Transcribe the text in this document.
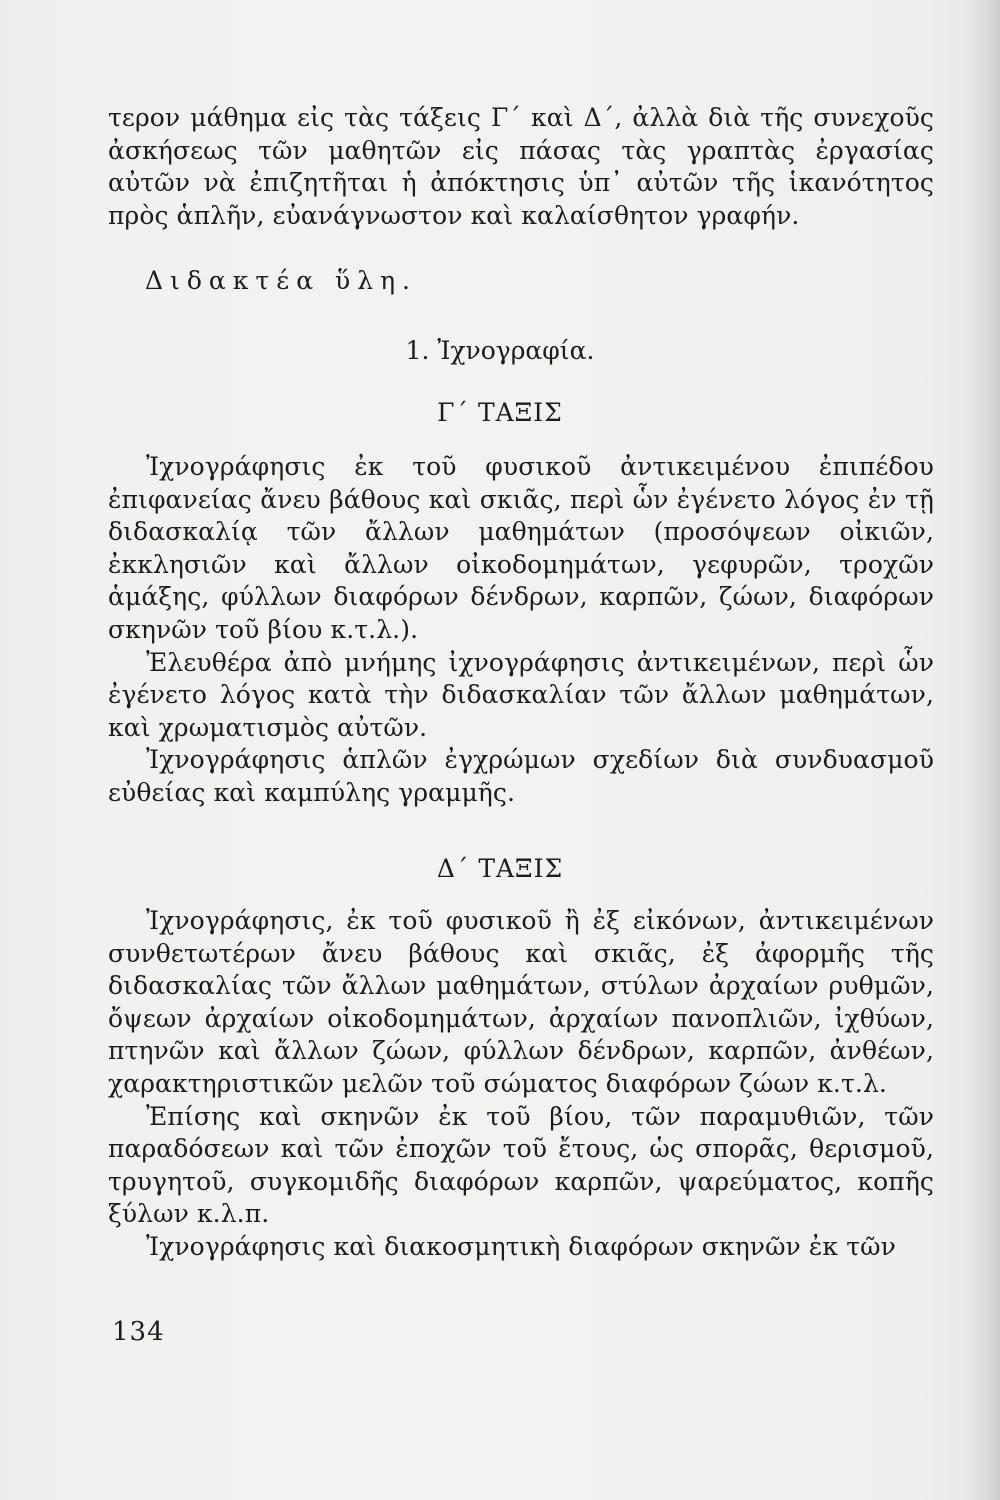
τερον μάθημα εἰς τὰς τάξεις Γ΄ καὶ Δ΄, ἀλλὰ διὰ τῆς συνεχοῦς ἀσκήσεως τῶν μαθητῶν εἰς πάσας τὰς γραπτὰς ἐργασίας αὐτῶν νὰ ἐπιζητῆται ἡ ἀπόκτησις ὑπ᾽ αὐτῶν τῆς ἱκανότητος πρὸς ἁπλῆν, εὐανάγνωστον καὶ καλαίσθητον γραφήν.

Διδακτέα ὕλη.
1. Ἰχνογραφία.
Γ΄ ΤΑΞΙΣ

Ἰχνογράφησις ἐκ τοῦ φυσικοῦ ἀντικειμένου ἐπιπέδου ἐπιφανείας ἄνευ βάθους καὶ σκιᾶς, περὶ ὧν ἐγένετο λόγος ἐν τῇ διδασκαλίᾳ τῶν ἄλλων μαθημάτων (προσόψεων οἰκιῶν, ἐκκλησιῶν καὶ ἄλλων οἰκοδομημάτων, γεφυρῶν, τροχῶν ἁμάξης, φύλλων διαφόρων δένδρων, καρπῶν, ζώων, διαφόρων σκηνῶν τοῦ βίου κ.τ.λ.).

Ἐλευθέρα ἀπὸ μνήμης ἰχνογράφησις ἀντικειμένων, περὶ ὧν ἐγένετο λόγος κατὰ τὴν διδασκαλίαν τῶν ἄλλων μαθημάτων, καὶ χρωματισμὸς αὐτῶν.

Ἰχνογράφησις ἁπλῶν ἐγχρώμων σχεδίων διὰ συνδυασμοῦ εὐθείας καὶ καμπύλης γραμμῆς.

Δ΄ ΤΑΞΙΣ

Ἰχνογράφησις, ἐκ τοῦ φυσικοῦ ἢ ἐξ εἰκόνων, ἀντικειμένων συνθετωτέρων ἄνευ βάθους καὶ σκιᾶς, ἐξ ἀφορμῆς τῆς διδασκαλίας τῶν ἄλλων μαθημάτων, στύλων ἀρχαίων ρυθμῶν, ὄψεων ἀρχαίων οἰκοδομημάτων, ἀρχαίων πανοπλιῶν, ἰχθύων, πτηνῶν καὶ ἄλλων ζώων, φύλλων δένδρων, καρπῶν, ἀνθέων, χαρακτηριστικῶν μελῶν τοῦ σώματος διαφόρων ζώων κ.τ.λ.

Ἐπίσης καὶ σκηνῶν ἐκ τοῦ βίου, τῶν παραμυθιῶν, τῶν παραδόσεων καὶ τῶν ἐποχῶν τοῦ ἔτους, ὡς σπορᾶς, θερισμοῦ, τρυγητοῦ, συγκομιδῆς διαφόρων καρπῶν, ψαρεύματος, κοπῆς ξύλων κ.λ.π.

Ἰχνογράφησις καὶ διακοσμητικὴ διαφόρων σκηνῶν ἐκ τῶν

134
